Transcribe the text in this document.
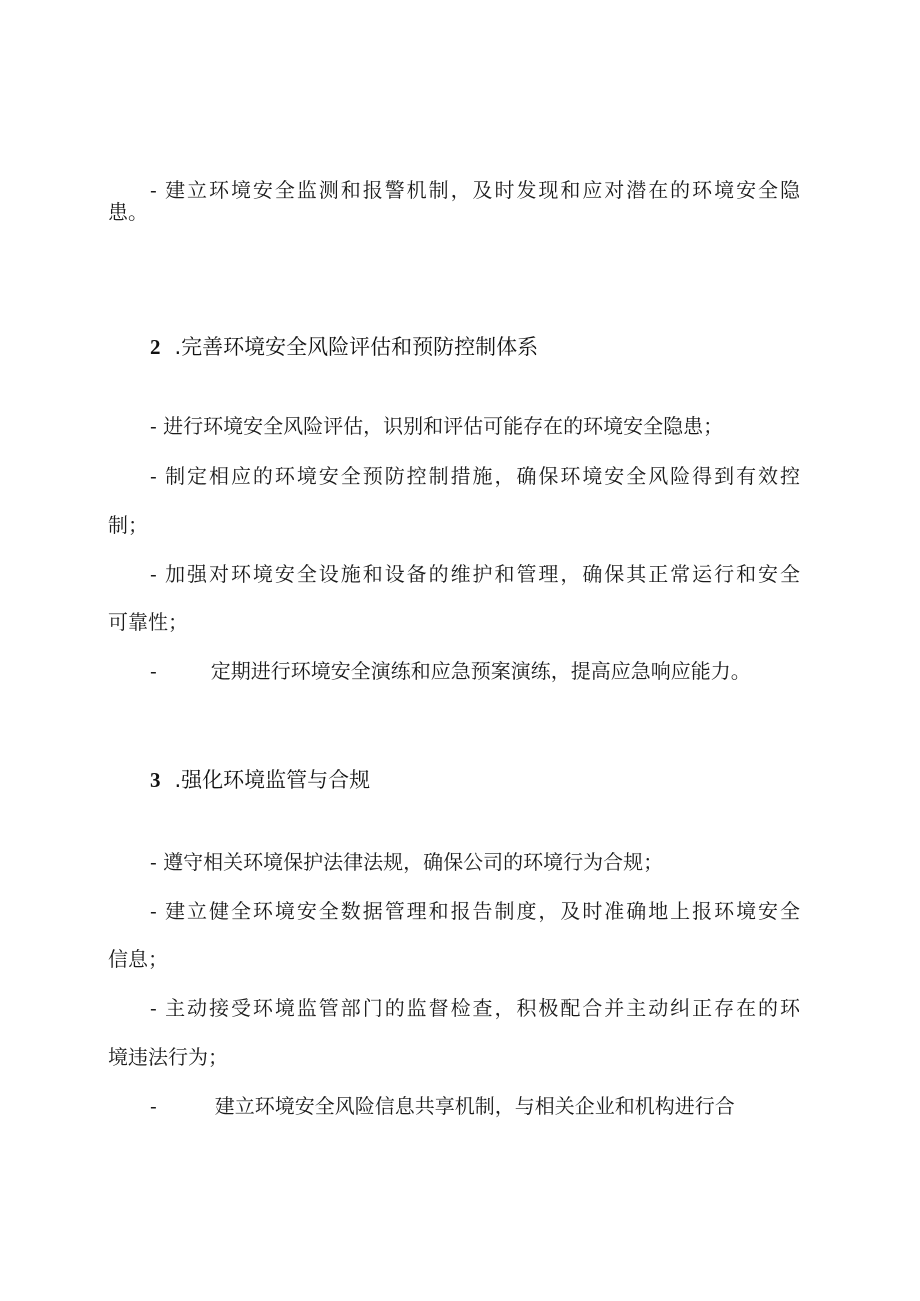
- 建立环境安全监测和报警机制，及时发现和应对潜在的环境安全隐
患。
2 .完善环境安全风险评估和预防控制体系
- 进行环境安全风险评估，识别和评估可能存在的环境安全隐患；
- 制定相应的环境安全预防控制措施，确保环境安全风险得到有效控
制；
- 加强对环境安全设施和设备的维护和管理，确保其正常运行和安全
可靠性；
-	定期进行环境安全演练和应急预案演练，提高应急响应能力。
3 .强化环境监管与合规
- 遵守相关环境保护法律法规，确保公司的环境行为合规；
- 建立健全环境安全数据管理和报告制度，及时准确地上报环境安全
信息；
- 主动接受环境监管部门的监督检查，积极配合并主动纠正存在的环
境违法行为；
-	建立环境安全风险信息共享机制，与相关企业和机构进行合
